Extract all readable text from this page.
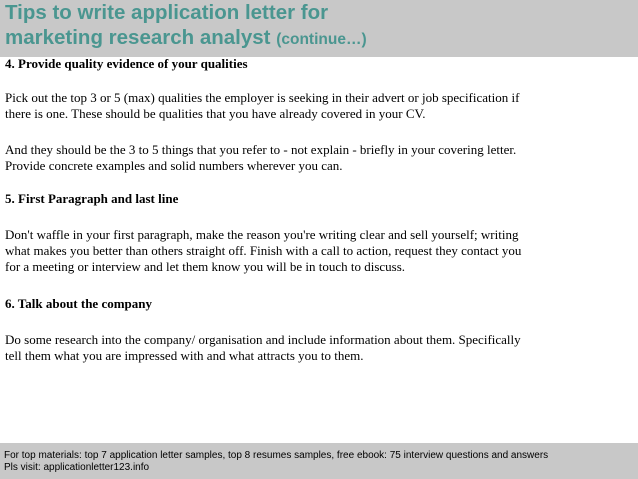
Tips to write application letter for
marketing research analyst (continue…)

4. Provide quality evidence of your qualities

Pick out the top 3 or 5 (max) qualities the employer is seeking in their advert or job specification if

there is one. These should be qualities that you have already covered in your CV.

And they should be the 3 to 5 things that you refer to - not explain - briefly in your covering letter.

Provide concrete examples and solid numbers wherever you can.

5. First Paragraph and last line

Don't waffle in your first paragraph, make the reason you're writing clear and sell yourself; writing

what makes you better than others straight off. Finish with a call to action, request they contact you

for a meeting or interview and let them know you will be in touch to discuss.

6. Talk about the company

Do some research into the company/ organisation and include information about them. Specifically

tell them what you are impressed with and what attracts you to them.

For top materials: top 7 application letter samples, top 8 resumes samples, free ebook: 75 interview questions and answers

Pls visit: applicationletter123.info
